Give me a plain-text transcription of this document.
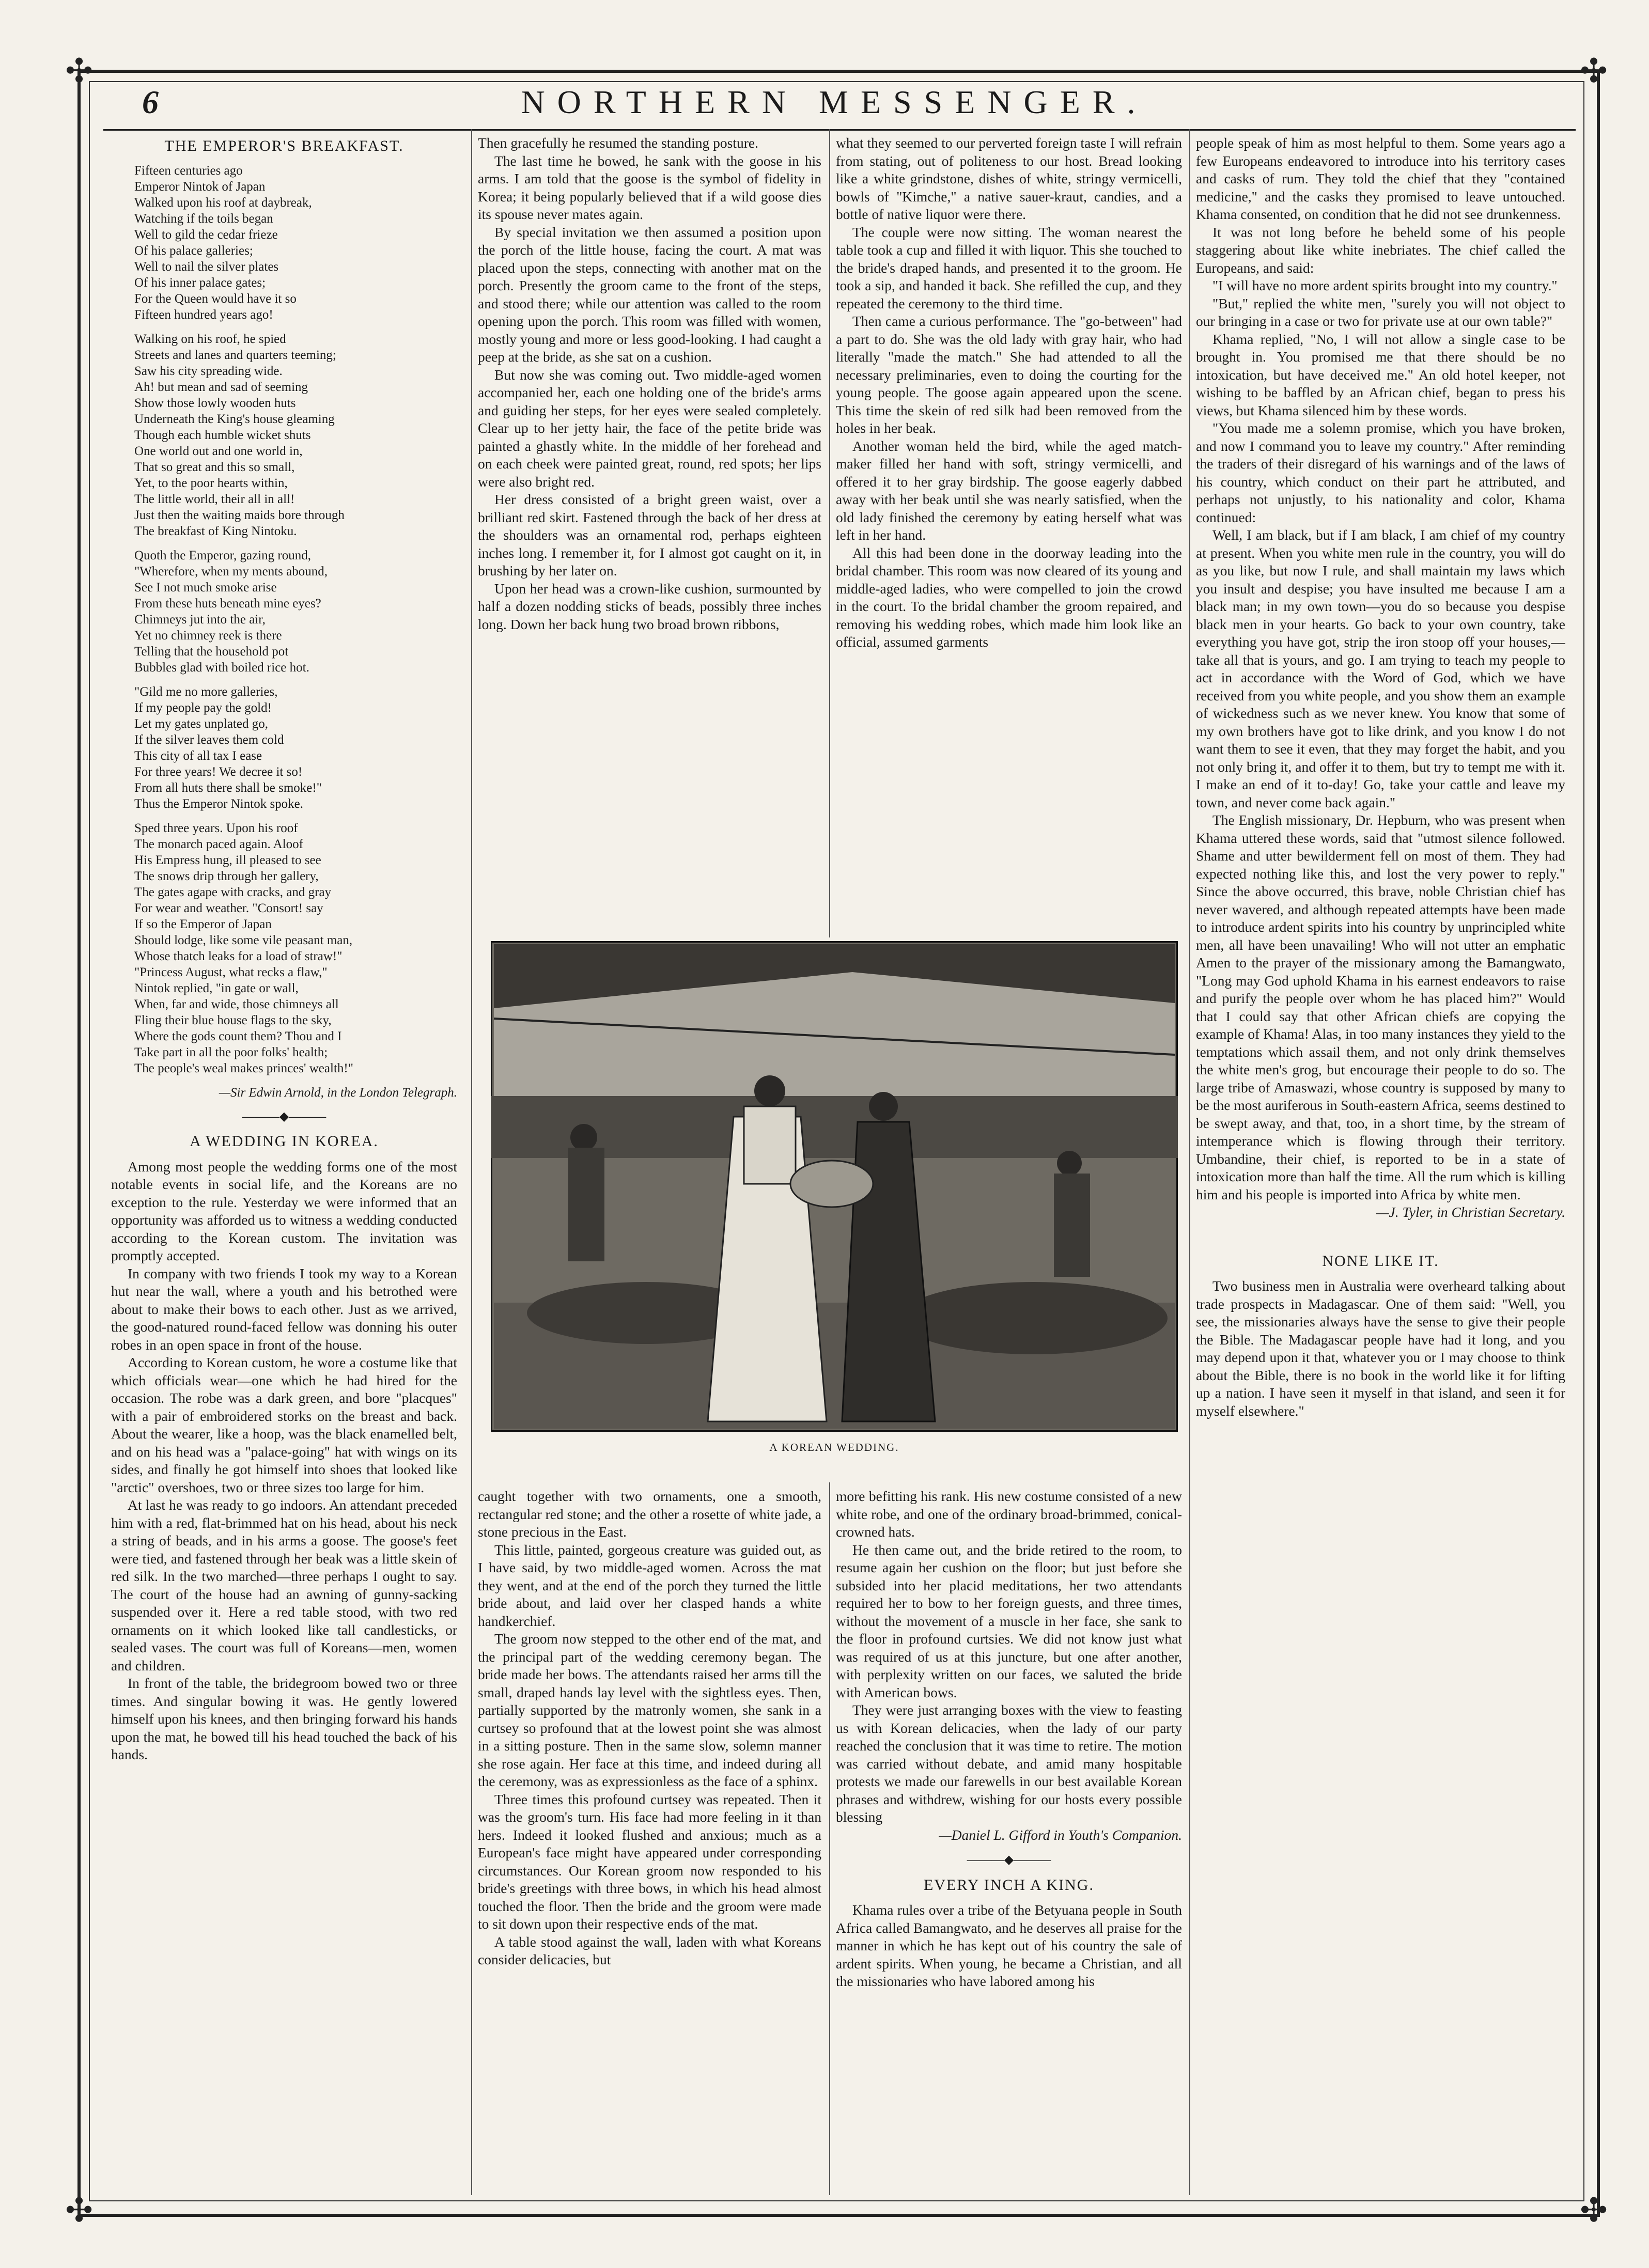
✣	✣
✣	✣
6	NORTHERN MESSENGER.
THE EMPEROR'S BREAKFAST.
Fifteen centuries ago
Emperor Nintok of Japan
Walked upon his roof at daybreak,
Watching if the toils began
Well to gild the cedar frieze
Of his palace galleries;
Well to nail the silver plates
Of his inner palace gates;
For the Queen would have it so
Fifteen hundred years ago!
Walking on his roof, he spied
Streets and lanes and quarters teeming;
Saw his city spreading wide.
Ah! but mean and sad of seeming
Show those lowly wooden huts
Underneath the King's house gleaming
Though each humble wicket shuts
One world out and one world in,
That so great and this so small,
Yet, to the poor hearts within,
The little world, their all in all!
Just then the waiting maids bore through
The breakfast of King Nintoku.
Quoth the Emperor, gazing round,
"Wherefore, when my ments abound,
See I not much smoke arise
From these huts beneath mine eyes?
Chimneys jut into the air,
Yet no chimney reek is there
Telling that the household pot
Bubbles glad with boiled rice hot.
"Gild me no more galleries,
If my people pay the gold!
Let my gates unplated go,
If the silver leaves them cold
This city of all tax I ease
For three years! We decree it so!
From all huts there shall be smoke!"
Thus the Emperor Nintok spoke.
Sped three years. Upon his roof
The monarch paced again. Aloof
His Empress hung, ill pleased to see
The snows drip through her gallery,
The gates agape with cracks, and gray
For wear and weather. "Consort! say
If so the Emperor of Japan
Should lodge, like some vile peasant man,
Whose thatch leaks for a load of straw!"
"Princess August, what recks a flaw,"
Nintok replied, "in gate or wall,
When, far and wide, those chimneys all
Fling their blue house flags to the sky,
Where the gods count them? Thou and I
Take part in all the poor folks' health;
The people's weal makes princes' wealth!"
—Sir Edwin Arnold, in the London Telegraph.
———◆———
A WEDDING IN KOREA.

Among most people the wedding forms one of the most notable events in social life, and the Koreans are no exception to the rule. Yesterday we were informed that an opportunity was afforded us to witness a wedding conducted according to the Korean custom. The invitation was promptly accepted.

In company with two friends I took my way to a Korean hut near the wall, where a youth and his betrothed were about to make their bows to each other. Just as we arrived, the good-natured round-faced fellow was donning his outer robes in an open space in front of the house.

According to Korean custom, he wore a costume like that which officials wear—one which he had hired for the occasion. The robe was a dark green, and bore "placques" with a pair of embroidered storks on the breast and back. About the wearer, like a hoop, was the black enamelled belt, and on his head was a "palace-going" hat with wings on its sides, and finally he got himself into shoes that looked like "arctic" overshoes, two or three sizes too large for him.

At last he was ready to go indoors. An attendant preceded him with a red, flat-brimmed hat on his head, about his neck a string of beads, and in his arms a goose. The goose's feet were tied, and fastened through her beak was a little skein of red silk. In the two marched—three perhaps I ought to say. The court of the house had an awning of gunny-sacking suspended over it. Here a red table stood, with two red ornaments on it which looked like tall candlesticks, or sealed vases. The court was full of Koreans—men, women and children.

In front of the table, the bridegroom bowed two or three times. And singular bowing it was. He gently lowered himself upon his knees, and then bringing forward his hands upon the mat, he bowed till his head touched the back of his hands.

Then gracefully he resumed the standing posture.

The last time he bowed, he sank with the goose in his arms. I am told that the goose is the symbol of fidelity in Korea; it being popularly believed that if a wild goose dies its spouse never mates again.

By special invitation we then assumed a position upon the porch of the little house, facing the court. A mat was placed upon the steps, connecting with another mat on the porch. Presently the groom came to the front of the steps, and stood there; while our attention was called to the room opening upon the porch. This room was filled with women, mostly young and more or less good-looking. I had caught a peep at the bride, as she sat on a cushion.

But now she was coming out. Two middle-aged women accompanied her, each one holding one of the bride's arms and guiding her steps, for her eyes were sealed completely. Clear up to her jetty hair, the face of the petite bride was painted a ghastly white. In the middle of her forehead and on each cheek were painted great, round, red spots; her lips were also bright red.

Her dress consisted of a bright green waist, over a brilliant red skirt. Fastened through the back of her dress at the shoulders was an ornamental rod, perhaps eighteen inches long. I remember it, for I almost got caught on it, in brushing by her later on.

Upon her head was a crown-like cushion, surmounted by half a dozen nodding sticks of beads, possibly three inches long. Down her back hung two broad brown ribbons,

what they seemed to our perverted foreign taste I will refrain from stating, out of politeness to our host. Bread looking like a white grindstone, dishes of white, stringy vermicelli, bowls of "Kimche," a native sauer-kraut, candies, and a bottle of native liquor were there.

The couple were now sitting. The woman nearest the table took a cup and filled it with liquor. This she touched to the bride's draped hands, and presented it to the groom. He took a sip, and handed it back. She refilled the cup, and they repeated the ceremony to the third time.

Then came a curious performance. The "go-between" had a part to do. She was the old lady with gray hair, who had literally "made the match." She had attended to all the necessary preliminaries, even to doing the courting for the young people. The goose again appeared upon the scene. This time the skein of red silk had been removed from the holes in her beak.

Another woman held the bird, while the aged match-maker filled her hand with soft, stringy vermicelli, and offered it to her gray birdship. The goose eagerly dabbed away with her beak until she was nearly satisfied, when the old lady finished the ceremony by eating herself what was left in her hand.

All this had been done in the doorway leading into the bridal chamber. This room was now cleared of its young and middle-aged ladies, who were compelled to join the crowd in the court. To the bridal chamber the groom repaired, and removing his wedding robes, which made him look like an official, assumed garments

A KOREAN WEDDING.

caught together with two ornaments, one a smooth, rectangular red stone; and the other a rosette of white jade, a stone precious in the East.

This little, painted, gorgeous creature was guided out, as I have said, by two middle-aged women. Across the mat they went, and at the end of the porch they turned the little bride about, and laid over her clasped hands a white handkerchief.

The groom now stepped to the other end of the mat, and the principal part of the wedding ceremony began. The bride made her bows. The attendants raised her arms till the small, draped hands lay level with the sightless eyes. Then, partially supported by the matronly women, she sank in a curtsey so profound that at the lowest point she was almost in a sitting posture. Then in the same slow, solemn manner she rose again. Her face at this time, and indeed during all the ceremony, was as expressionless as the face of a sphinx.

Three times this profound curtsey was repeated. Then it was the groom's turn. His face had more feeling in it than hers. Indeed it looked flushed and anxious; much as a European's face might have appeared under corresponding circumstances. Our Korean groom now responded to his bride's greetings with three bows, in which his head almost touched the floor. Then the bride and the groom were made to sit down upon their respective ends of the mat.

A table stood against the wall, laden with what Koreans consider delicacies, but

more befitting his rank. His new costume consisted of a new white robe, and one of the ordinary broad-brimmed, conical-crowned hats.

He then came out, and the bride retired to the room, to resume again her cushion on the floor; but just before she subsided into her placid meditations, her two attendants required her to bow to her foreign guests, and three times, without the movement of a muscle in her face, she sank to the floor in profound curtsies. We did not know just what was required of us at this juncture, but one after another, with perplexity written on our faces, we saluted the bride with American bows.

They were just arranging boxes with the view to feasting us with Korean delicacies, when the lady of our party reached the conclusion that it was time to retire. The motion was carried without debate, and amid many hospitable protests we made our farewells in our best available Korean phrases and withdrew, wishing for our hosts every possible blessing

—Daniel L. Gifford in Youth's Companion.
———◆———
EVERY INCH A KING.

Khama rules over a tribe of the Betyuana people in South Africa called Bamangwato, and he deserves all praise for the manner in which he has kept out of his country the sale of ardent spirits. When young, he became a Christian, and all the missionaries who have labored among his

people speak of him as most helpful to them. Some years ago a few Europeans endeavored to introduce into his territory cases and casks of rum. They told the chief that they "contained medicine," and the casks they promised to leave untouched. Khama consented, on condition that he did not see drunkenness.

It was not long before he beheld some of his people staggering about like white inebriates. The chief called the Europeans, and said:

"I will have no more ardent spirits brought into my country."

"But," replied the white men, "surely you will not object to our bringing in a case or two for private use at our own table?"

Khama replied, "No, I will not allow a single case to be brought in. You promised me that there should be no intoxication, but have deceived me." An old hotel keeper, not wishing to be baffled by an African chief, began to press his views, but Khama silenced him by these words.

"You made me a solemn promise, which you have broken, and now I command you to leave my country." After reminding the traders of their disregard of his warnings and of the laws of his country, which conduct on their part he attributed, and perhaps not unjustly, to his nationality and color, Khama continued:

Well, I am black, but if I am black, I am chief of my country at present. When you white men rule in the country, you will do as you like, but now I rule, and shall maintain my laws which you insult and despise; you have insulted me because I am a black man; in my own town—you do so because you despise black men in your hearts. Go back to your own country, take everything you have got, strip the iron stoop off your houses,—take all that is yours, and go. I am trying to teach my people to act in accordance with the Word of God, which we have received from you white people, and you show them an example of wickedness such as we never knew. You know that some of my own brothers have got to like drink, and you know I do not want them to see it even, that they may forget the habit, and you not only bring it, and offer it to them, but try to tempt me with it. I make an end of it to-day! Go, take your cattle and leave my town, and never come back again."

The English missionary, Dr. Hepburn, who was present when Khama uttered these words, said that "utmost silence followed. Shame and utter bewilderment fell on most of them. They had expected nothing like this, and lost the very power to reply." Since the above occurred, this brave, noble Christian chief has never wavered, and although repeated attempts have been made to introduce ardent spirits into his country by unprincipled white men, all have been unavailing! Who will not utter an emphatic Amen to the prayer of the missionary among the Bamangwato, "Long may God uphold Khama in his earnest endeavors to raise and purify the people over whom he has placed him?" Would that I could say that other African chiefs are copying the example of Khama! Alas, in too many instances they yield to the temptations which assail them, and not only drink themselves the white men's grog, but encourage their people to do so. The large tribe of Amaswazi, whose country is supposed by many to be the most auriferous in South-eastern Africa, seems destined to be swept away, and that, too, in a short time, by the stream of intemperance which is flowing through their territory. Umbandine, their chief, is reported to be in a state of intoxication more than half the time. All the rum which is killing him and his people is imported into Africa by white men.

—J. Tyler, in Christian Secretary.
NONE LIKE IT.

Two business men in Australia were overheard talking about trade prospects in Madagascar. One of them said: "Well, you see, the missionaries always have the sense to give their people the Bible. The Madagascar people have had it long, and you may depend upon it that, whatever you or I may choose to think about the Bible, there is no book in the world like it for lifting up a nation. I have seen it myself in that island, and seen it for myself elsewhere."
